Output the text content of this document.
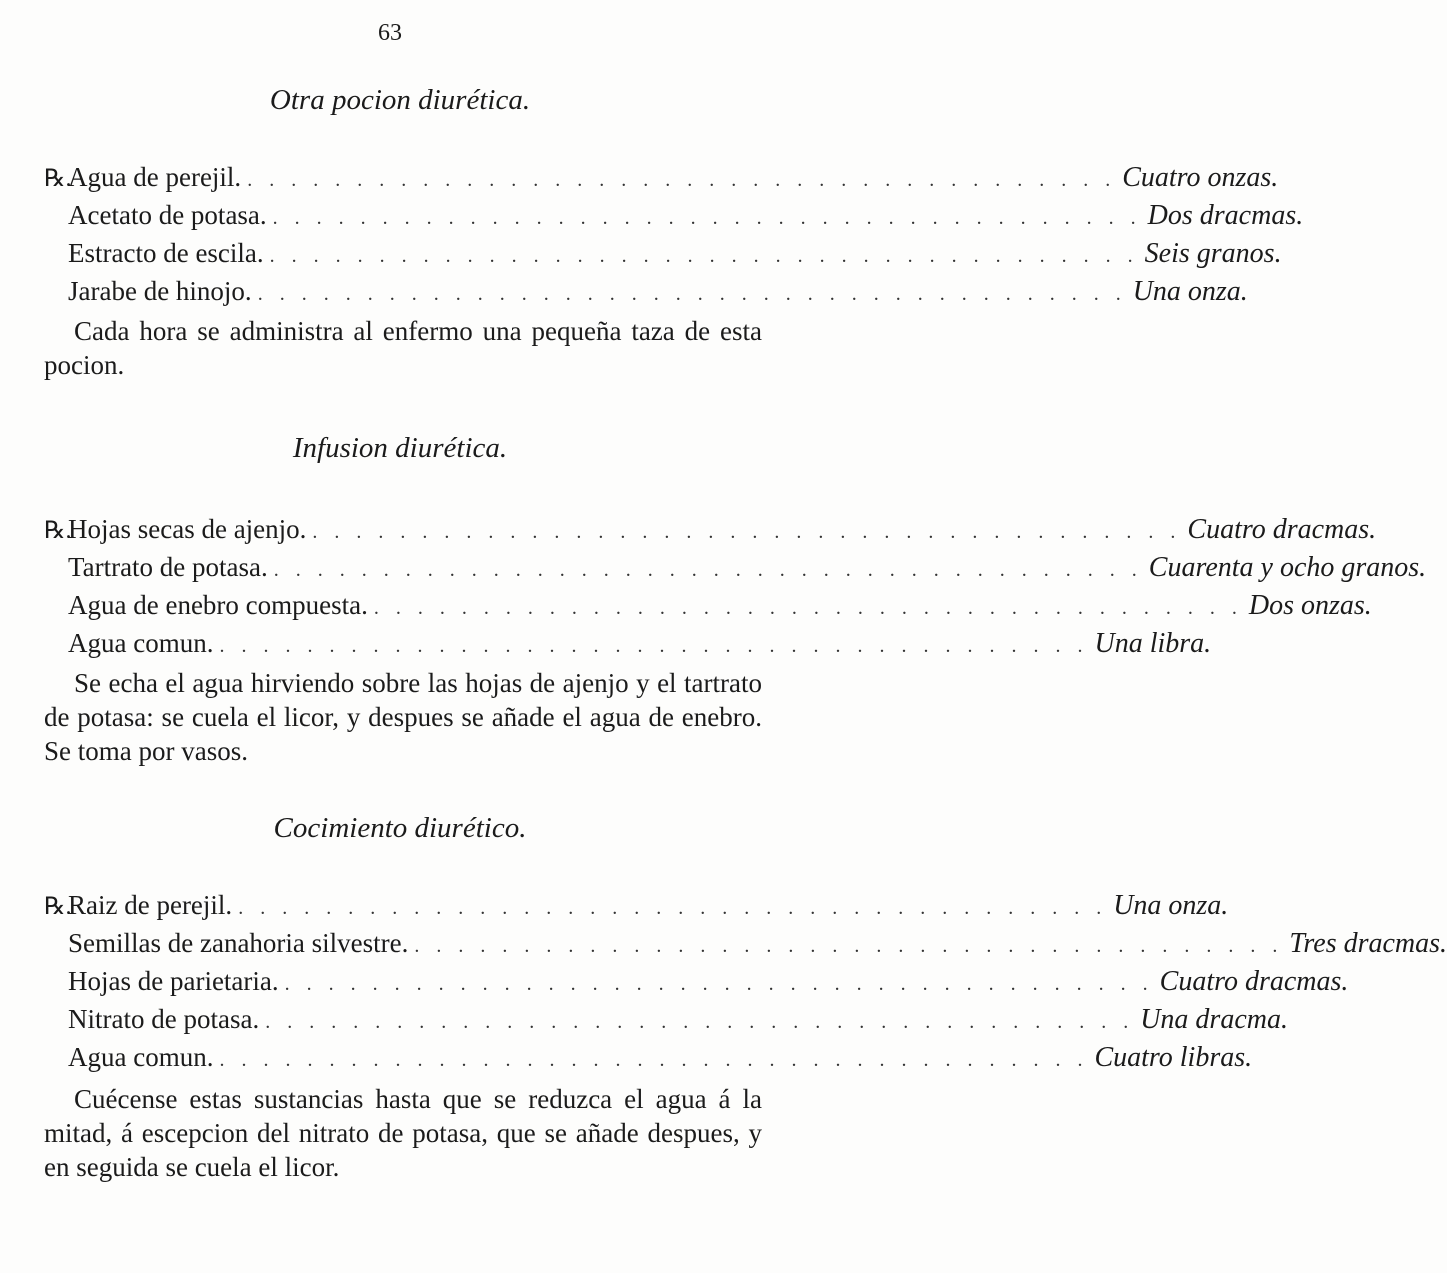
63
Otra pocion diurética.
℞.
Agua de perejil. . . . . . . . . . . . . . . . . . . . . . . . . . . . . . . . . . . . . . . . . Cuatro onzas.
Acetato de potasa. . . . . . . . . . . . . . . . . . . . . . . . . . . . . . . . . . . . . . . . . Dos dracmas.
Estracto de escila. . . . . . . . . . . . . . . . . . . . . . . . . . . . . . . . . . . . . . . . . Seis granos.
Jarabe de hinojo. . . . . . . . . . . . . . . . . . . . . . . . . . . . . . . . . . . . . . . . . Una onza.

Cada hora se administra al enfermo una pequeña taza de esta pocion.

Infusion diurética.
℞.
Hojas secas de ajenjo. . . . . . . . . . . . . . . . . . . . . . . . . . . . . . . . . . . . . . . . . Cuatro dracmas.
Tartrato de potasa. . . . . . . . . . . . . . . . . . . . . . . . . . . . . . . . . . . . . . . . . Cuarenta y ocho granos.
Agua de enebro compuesta. . . . . . . . . . . . . . . . . . . . . . . . . . . . . . . . . . . . . . . . . Dos onzas.
Agua comun. . . . . . . . . . . . . . . . . . . . . . . . . . . . . . . . . . . . . . . . . Una libra.

Se echa el agua hirviendo sobre las hojas de ajenjo y el tartrato de potasa: se cuela el licor, y despues se añade el agua de enebro. Se toma por vasos.

Cocimiento diurético.
℞.
Raiz de perejil. . . . . . . . . . . . . . . . . . . . . . . . . . . . . . . . . . . . . . . . . Una onza.
Semillas de zanahoria silvestre. . . . . . . . . . . . . . . . . . . . . . . . . . . . . . . . . . . . . . . . . Tres dracmas.
Hojas de parietaria. . . . . . . . . . . . . . . . . . . . . . . . . . . . . . . . . . . . . . . . . Cuatro dracmas.
Nitrato de potasa. . . . . . . . . . . . . . . . . . . . . . . . . . . . . . . . . . . . . . . . . Una dracma.
Agua comun. . . . . . . . . . . . . . . . . . . . . . . . . . . . . . . . . . . . . . . . . Cuatro libras.

Cuécense estas sustancias hasta que se reduzca el agua á la mitad, á escepcion del nitrato de potasa, que se añade despues, y en seguida se cuela el licor.
